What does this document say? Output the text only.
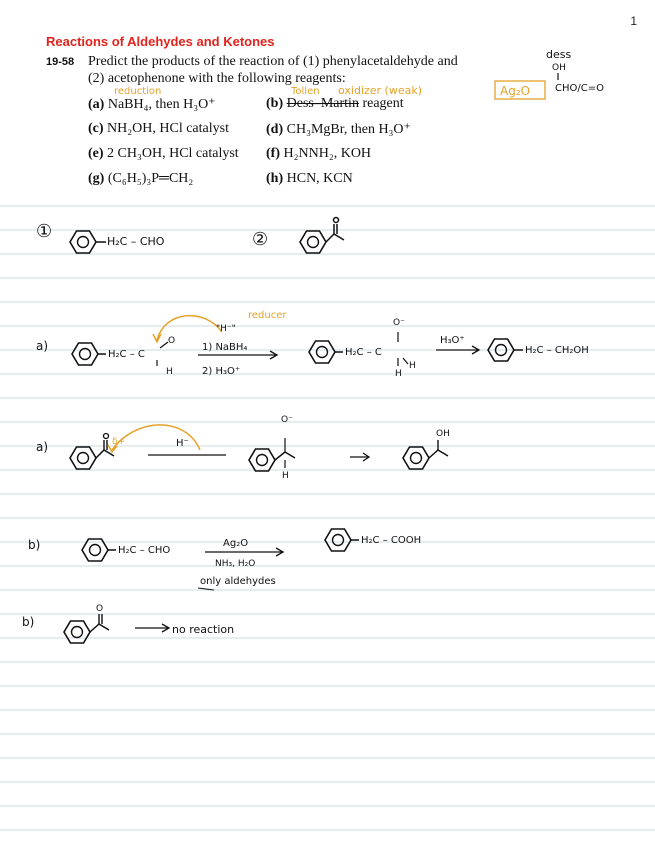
1
Reactions of Aldehydes and Ketones
19-58 Predict the products of the reaction of (1) phenylacetaldehyde and
(2) acetophenone with the following reagents:
(a) NaBH₄, then H₃O⁺	(b) Dess–Martin reagent
(c) NH₂OH, HCl catalyst	(d) CH₃MgBr, then H₃O⁺
(e) 2 CH₃OH, HCl catalyst (f) H₂NNH₂, KOH
(g) (C₆H₅)₃P═CH₂	(h) HCN, KCN
reduction	Tollen oxidizer (weak)	Ag₂O
dess
OH
CHO/C=O
①	②
H₂C – CHO
a)
H₂C – C
O
H
reducer
"H⁻"
1) NaBH₄
2) H₃O⁺
H₂C – C
O⁻
H
H
H₃O⁺
H₂C – CH₂OH
a)	δ+	H⁻
O⁻
H
OH
b)	H₂C – CHO
Ag₂O
NH₃, H₂O
only aldehydes
H₂C – COOH
b)
O
no reaction
